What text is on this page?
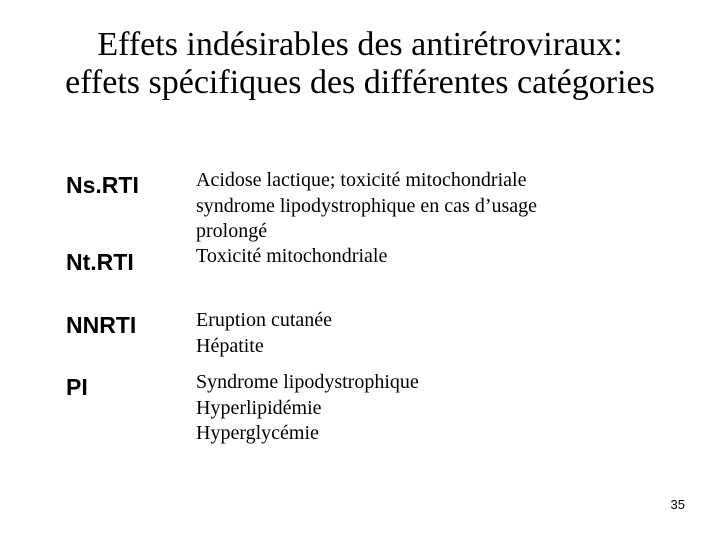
Effets indésirables des antirétroviraux:
effets spécifiques des différentes catégories
Ns.RTI	Acidose lactique; toxicité mitochondriale
syndrome lipodystrophique en cas d’usage
prolongé
Nt.RTI	Toxicité mitochondriale
NNRTI	Eruption cutanée
Hépatite
PI	Syndrome lipodystrophique
Hyperlipidémie
Hyperglycémie
35
